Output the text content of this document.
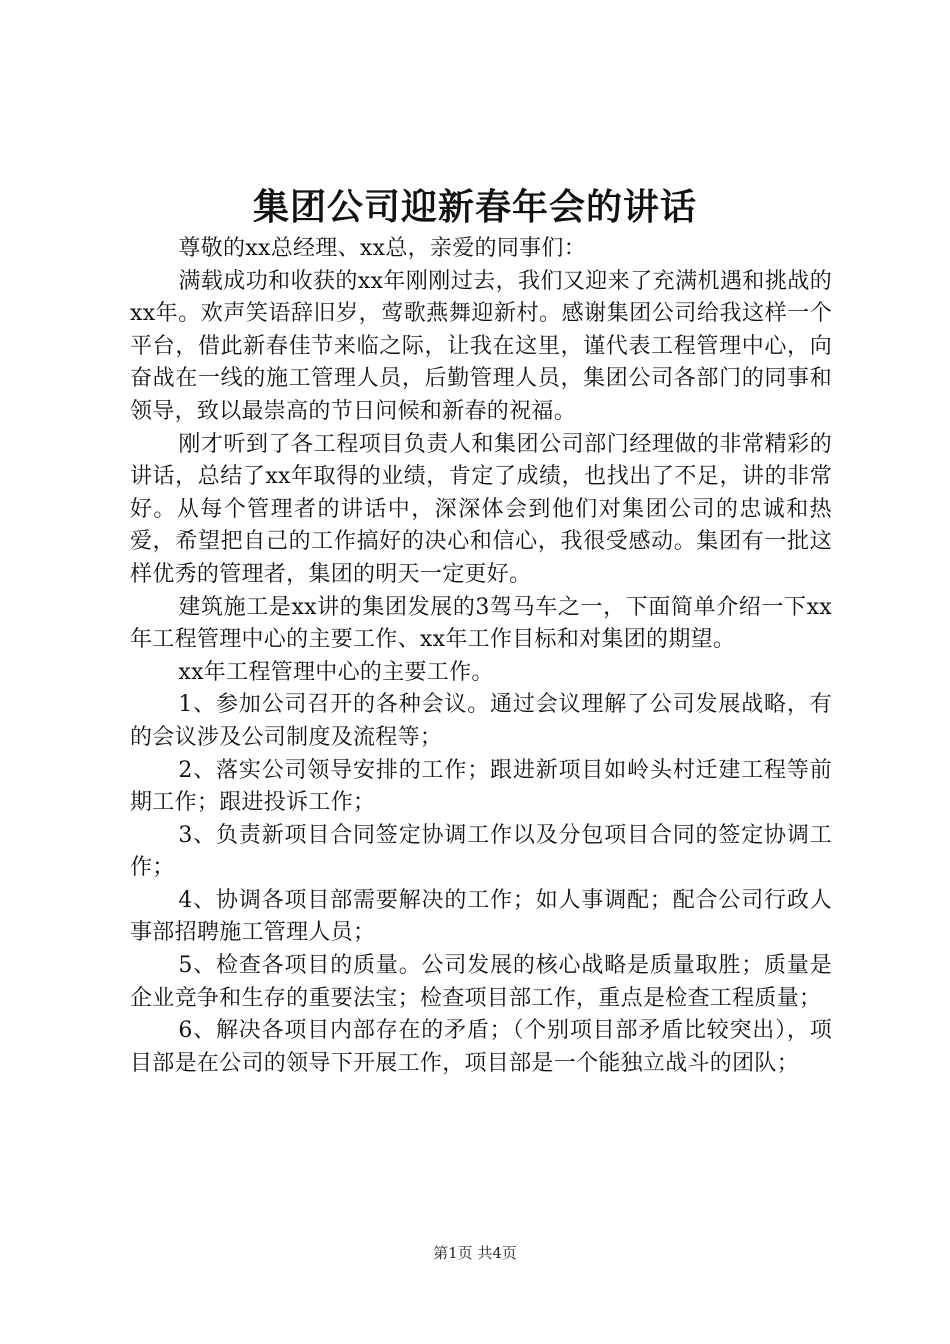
集团公司迎新春年会的讲话

尊敬的xx总经理、xx总，亲爱的同事们：

满载成功和收获的xx年刚刚过去，我们又迎来了充满机遇和挑战的xx年。欢声笑语辞旧岁，莺歌燕舞迎新村。感谢集团公司给我这样一个平台，借此新春佳节来临之际，让我在这里，谨代表工程管理中心，向奋战在一线的施工管理人员，后勤管理人员，集团公司各部门的同事和领导，致以最崇高的节日问候和新春的祝福。

刚才听到了各工程项目负责人和集团公司部门经理做的非常精彩的讲话，总结了xx年取得的业绩，肯定了成绩，也找出了不足，讲的非常好。从每个管理者的讲话中，深深体会到他们对集团公司的忠诚和热爱，希望把自己的工作搞好的决心和信心，我很受感动。集团有一批这样优秀的管理者，集团的明天一定更好。

建筑施工是xx讲的集团发展的3驾马车之一，下面简单介绍一下xx年工程管理中心的主要工作、xx年工作目标和对集团的期望。

xx年工程管理中心的主要工作。

1、参加公司召开的各种会议。通过会议理解了公司发展战略，有的会议涉及公司制度及流程等；

2、落实公司领导安排的工作；跟进新项目如岭头村迁建工程等前期工作；跟进投诉工作；

3、负责新项目合同签定协调工作以及分包项目合同的签定协调工作；

4、协调各项目部需要解决的工作；如人事调配；配合公司行政人事部招聘施工管理人员；

5、检查各项目的质量。公司发展的核心战略是质量取胜；质量是企业竞争和生存的重要法宝；检查项目部工作，重点是检查工程质量；

6、解决各项目内部存在的矛盾；（个别项目部矛盾比较突出），项目部是在公司的领导下开展工作，项目部是一个能独立战斗的团队；

第1页 共4页
